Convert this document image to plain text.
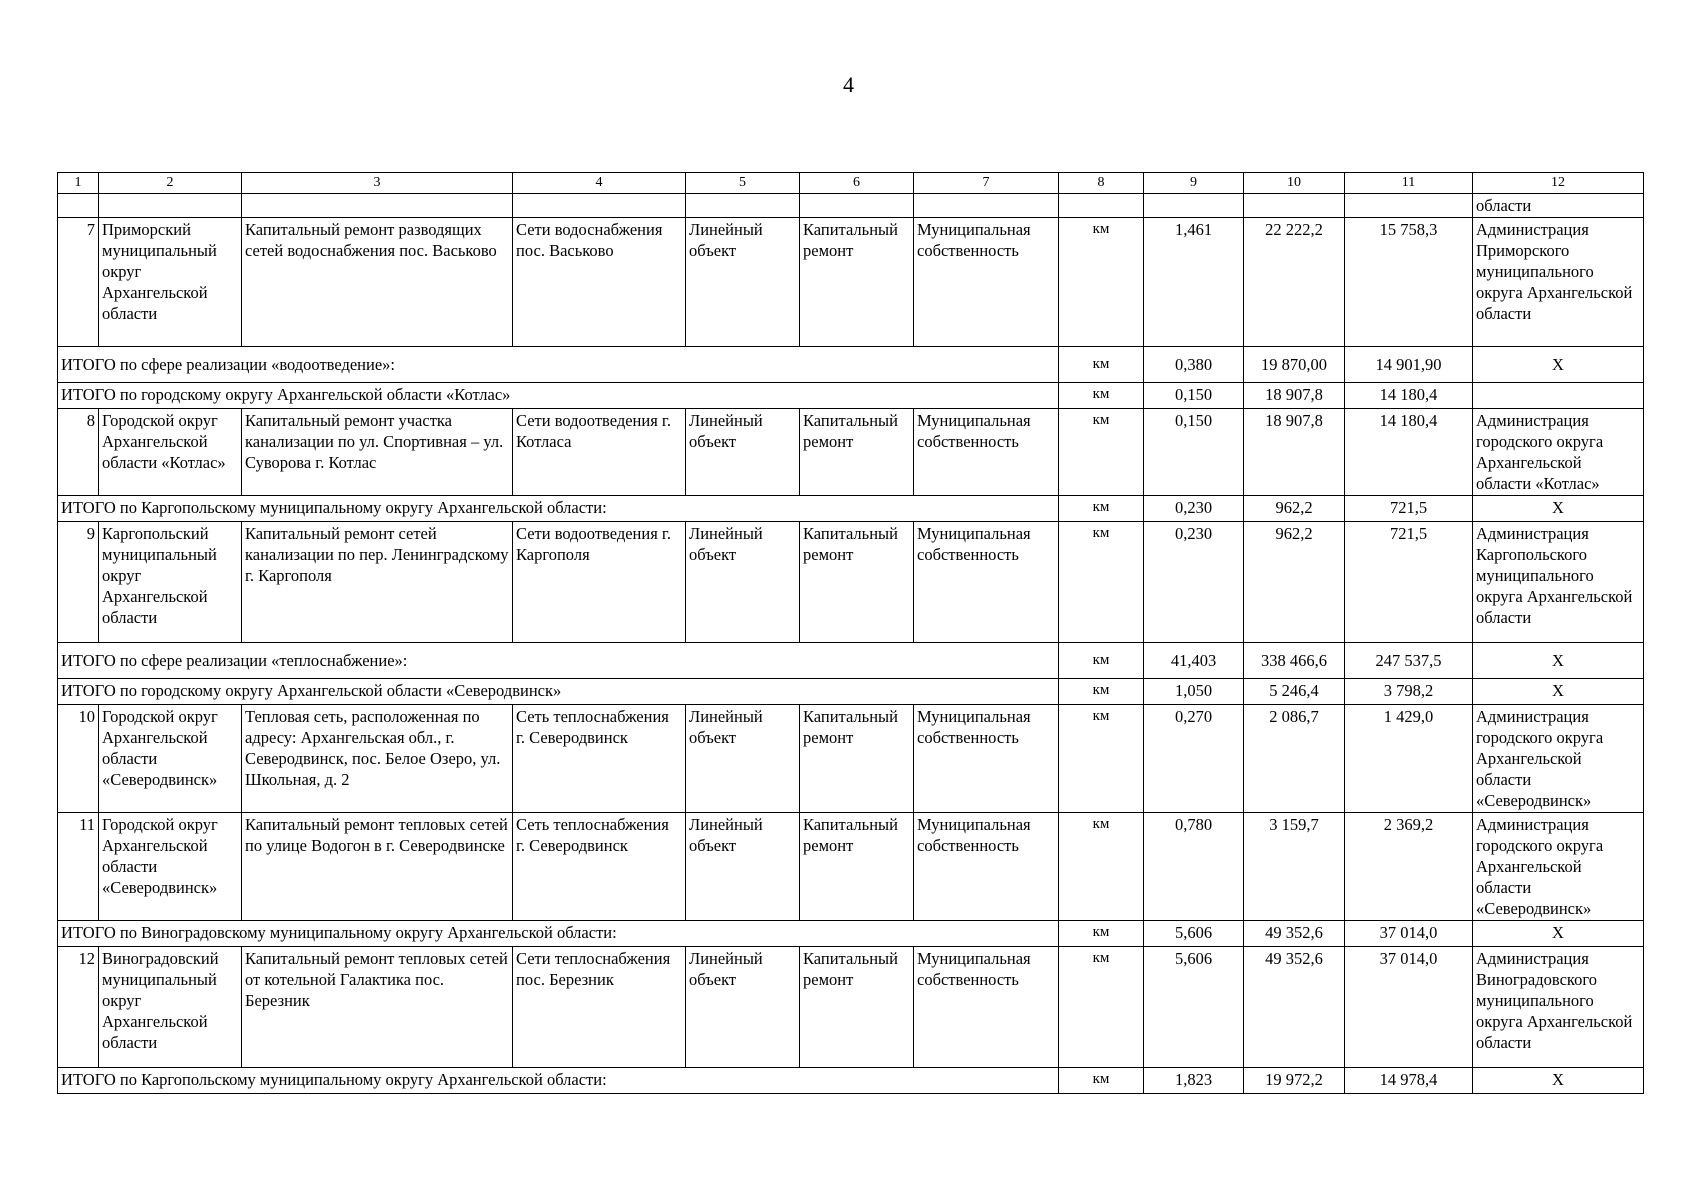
4
1	2	3	4	5	6	7	8	9	10	11	12
											области
7	Приморский муниципальный округ Архангельской области	Капитальный ремонт разводящих сетей водоснабжения пос. Васьково	Сети водоснабжения пос. Васьково	Линейный объект	Капитальный ремонт	Муниципальная собственность	км	1,461	22 222,2	15 758,3	Администрация Приморского муниципального округа Архангельской области
ИТОГО по сфере реализации «водоотведение»:							км	0,380	19 870,00	14 901,90	Х
ИТОГО по городскому округу Архангельской области «Котлас»							км	0,150	18 907,8	14 180,4	
8	Городской округ Архангельской области «Котлас»	Капитальный ремонт участка канализации по ул. Спортивная – ул. Суворова г. Котлас	Сети водоотведения г. Котласа	Линейный объект	Капитальный ремонт	Муниципальная собственность	км	0,150	18 907,8	14 180,4	Администрация городского округа Архангельской области «Котлас»
ИТОГО по Каргопольскому муниципальному округу Архангельской области:							км	0,230	962,2	721,5	Х
9	Каргопольский муниципальный округ Архангельской области	Капитальный ремонт сетей канализации по пер. Ленинградскому г. Каргополя	Сети водоотведения г. Каргополя	Линейный объект	Капитальный ремонт	Муниципальная собственность	км	0,230	962,2	721,5	Администрация Каргопольского муниципального округа Архангельской области
ИТОГО по сфере реализации «теплоснабжение»:							км	41,403	338 466,6	247 537,5	Х
ИТОГО по городскому округу Архангельской области «Северодвинск»							км	1,050	5 246,4	3 798,2	Х
10	Городской округ Архангельской области «Северодвинск»	Тепловая сеть, расположенная по адресу: Архангельская обл., г. Северодвинск, пос. Белое Озеро, ул. Школьная, д. 2	Сеть теплоснабжения г. Северодвинск	Линейный объект	Капитальный ремонт	Муниципальная собственность	км	0,270	2 086,7	1 429,0	Администрация городского округа Архангельской области «Северодвинск»
11	Городской округ Архангельской области «Северодвинск»	Капитальный ремонт тепловых сетей по улице Водогон в г. Северодвинске	Сеть теплоснабжения г. Северодвинск	Линейный объект	Капитальный ремонт	Муниципальная собственность	км	0,780	3 159,7	2 369,2	Администрация городского округа Архангельской области «Северодвинск»
ИТОГО по Виноградовскому муниципальному округу Архангельской области:							км	5,606	49 352,6	37 014,0	Х
12	Виноградовский муниципальный округ Архангельской области	Капитальный ремонт тепловых сетей от котельной Галактика пос. Березник	Сети теплоснабжения пос. Березник	Линейный объект	Капитальный ремонт	Муниципальная собственность	км	5,606	49 352,6	37 014,0	Администрация Виноградовского муниципального округа Архангельской области
ИТОГО по Каргопольскому муниципальному округу Архангельской области:							км	1,823	19 972,2	14 978,4	Х
